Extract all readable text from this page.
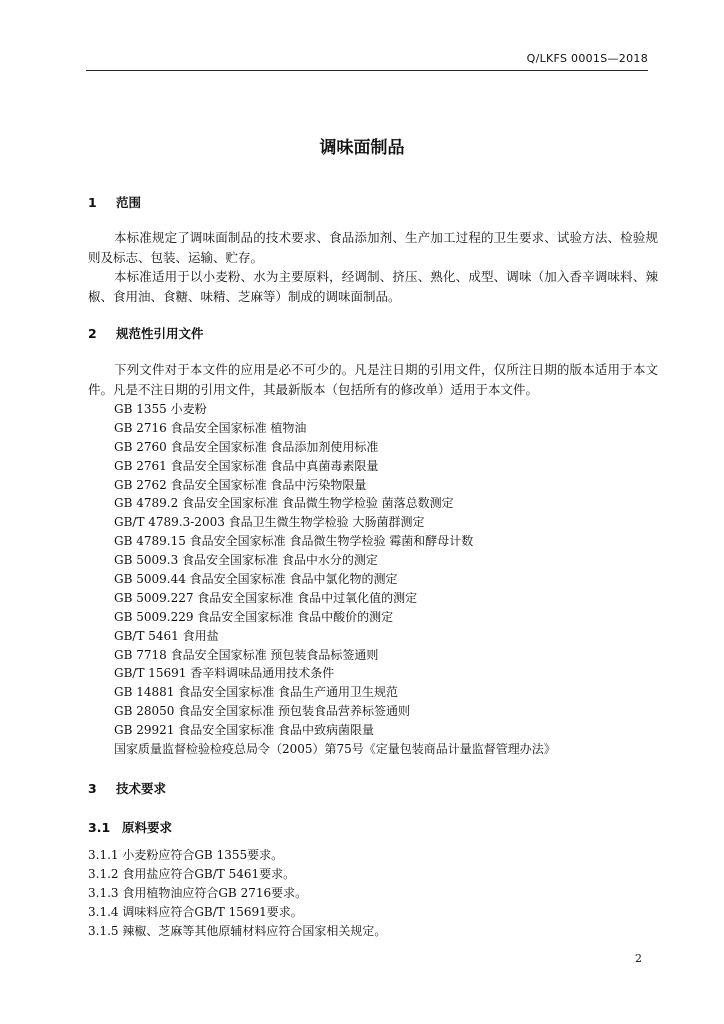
Q/LKFS 0001S—2018
调味面制品
1 范围
本标准规定了调味面制品的技术要求、食品添加剂、生产加工过程的卫生要求、试验方法、检验规则及标志、包装、运输、贮存。
本标准适用于以小麦粉、水为主要原料，经调制、挤压、熟化、成型、调味（加入香辛调味料、辣椒、食用油、食糖、味精、芝麻等）制成的调味面制品。
2 规范性引用文件
下列文件对于本文件的应用是必不可少的。凡是注日期的引用文件，仅所注日期的版本适用于本文件。凡是不注日期的引用文件，其最新版本（包括所有的修改单）适用于本文件。
GB 1355 小麦粉
GB 2716 食品安全国家标准 植物油
GB 2760 食品安全国家标准 食品添加剂使用标准
GB 2761 食品安全国家标准 食品中真菌毒素限量
GB 2762 食品安全国家标准 食品中污染物限量
GB 4789.2 食品安全国家标准 食品微生物学检验 菌落总数测定
GB/T 4789.3-2003 食品卫生微生物学检验 大肠菌群测定
GB 4789.15 食品安全国家标准 食品微生物学检验 霉菌和酵母计数
GB 5009.3 食品安全国家标准 食品中水分的测定
GB 5009.44 食品安全国家标准 食品中氯化物的测定
GB 5009.227 食品安全国家标准 食品中过氧化值的测定
GB 5009.229 食品安全国家标准 食品中酸价的测定
GB/T 5461 食用盐
GB 7718 食品安全国家标准 预包装食品标签通则
GB/T 15691 香辛料调味品通用技术条件
GB 14881 食品安全国家标准 食品生产通用卫生规范
GB 28050 食品安全国家标准 预包装食品营养标签通则
GB 29921 食品安全国家标准 食品中致病菌限量
国家质量监督检验检疫总局令（2005）第75号《定量包装商品计量监督管理办法》
3 技术要求
3.1 原料要求
3.1.1 小麦粉应符合GB 1355要求。
3.1.2 食用盐应符合GB/T 5461要求。
3.1.3 食用植物油应符合GB 2716要求。
3.1.4 调味料应符合GB/T 15691要求。
3.1.5 辣椒、芝麻等其他原辅材料应符合国家相关规定。
2
